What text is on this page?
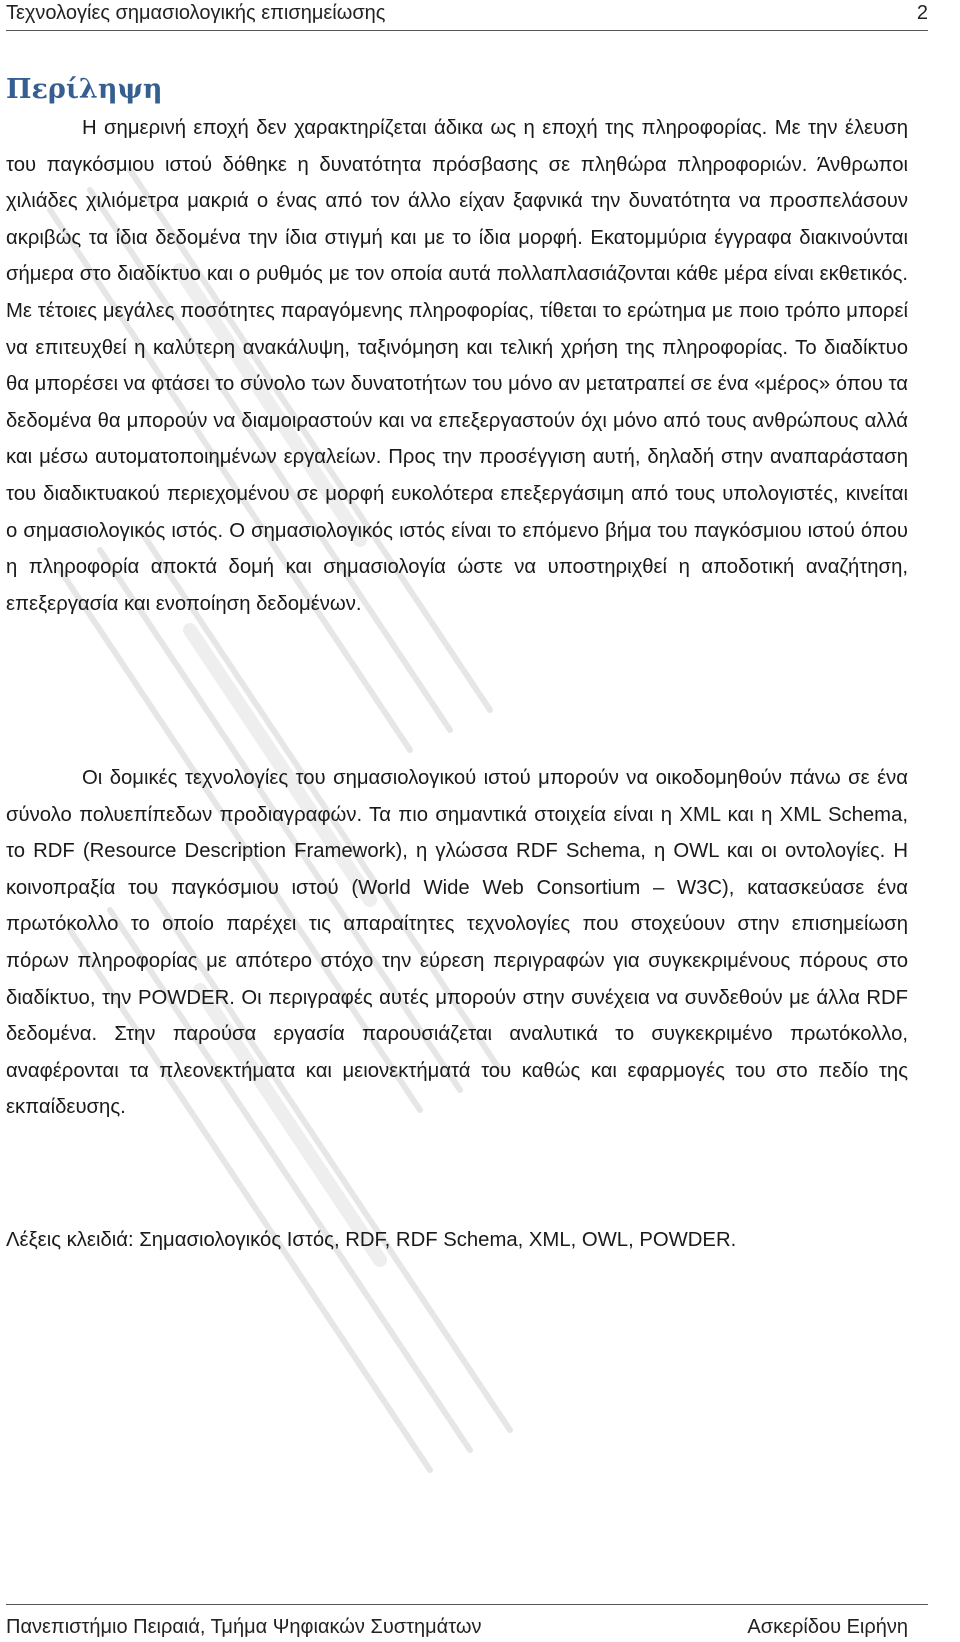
Τεχνολογίες σημασιολογικής επισημείωσης	2
Περίληψη

Η σημερινή εποχή δεν χαρακτηρίζεται άδικα ως η εποχή της πληροφορίας. Με την έλευση του παγκόσμιου ιστού δόθηκε η δυνατότητα πρόσβασης σε πληθώρα πληροφοριών. Άνθρωποι χιλιάδες χιλιόμετρα μακριά ο ένας από τον άλλο είχαν ξαφνικά την δυνατότητα να προσπελάσουν ακριβώς τα ίδια δεδομένα την ίδια στιγμή και με το ίδια μορφή. Εκατομμύρια έγγραφα διακινούνται σήμερα στο διαδίκτυο και ο ρυθμός με τον οποία αυτά πολλαπλασιάζονται κάθε μέρα είναι εκθετικός. Με τέτοιες μεγάλες ποσότητες παραγόμενης πληροφορίας, τίθεται το ερώτημα με ποιο τρόπο μπορεί να επιτευχθεί η καλύτερη ανακάλυψη, ταξινόμηση και τελική χρήση της πληροφορίας. Το διαδίκτυο θα μπορέσει να φτάσει το σύνολο των δυνατοτήτων του μόνο αν μετατραπεί σε ένα «μέρος» όπου τα δεδομένα θα μπορούν να διαμοιραστούν και να επεξεργαστούν όχι μόνο από τους ανθρώπους αλλά και μέσω αυτοματοποιημένων εργαλείων. Προς την προσέγγιση αυτή, δηλαδή στην αναπαράσταση του διαδικτυακού περιεχομένου σε μορφή ευκολότερα επεξεργάσιμη από τους υπολογιστές, κινείται ο σημασιολογικός ιστός. Ο σημασιολογικός ιστός είναι το επόμενο βήμα του παγκόσμιου ιστού όπου η πληροφορία αποκτά δομή και σημασιολογία ώστε να υποστηριχθεί η αποδοτική αναζήτηση, επεξεργασία και ενοποίηση δεδομένων.

Οι δομικές τεχνολογίες του σημασιολογικού ιστού μπορούν να οικοδομηθούν πάνω σε ένα σύνολο πολυεπίπεδων προδιαγραφών. Τα πιο σημαντικά στοιχεία είναι η XML και η XML Schema, το RDF (Resource Description Framework), η γλώσσα RDF Schema, η OWL και οι οντολογίες. Η κοινοπραξία του παγκόσμιου ιστού (World Wide Web Consortium – W3C), κατασκεύασε ένα πρωτόκολλο το οποίο παρέχει τις απαραίτητες τεχνολογίες που στοχεύουν στην επισημείωση πόρων πληροφορίας με απότερο στόχο την εύρεση περιγραφών για συγκεκριμένους πόρους στο διαδίκτυο, την POWDER. Οι περιγραφές αυτές μπορούν στην συνέχεια να συνδεθούν με άλλα RDF δεδομένα. Στην παρούσα εργασία παρουσιάζεται αναλυτικά το συγκεκριμένο πρωτόκολλο, αναφέρονται τα πλεονεκτήματα και μειονεκτήματά του καθώς και εφαρμογές του στο πεδίο της εκπαίδευσης.

Λέξεις κλειδιά: Σημασιολογικός Ιστός, RDF, RDF Schema, XML, OWL, POWDER.

Πανεπιστήμιο Πειραιά, Τμήμα Ψηφιακών Συστημάτων	Ασκερίδου Ειρήνη
